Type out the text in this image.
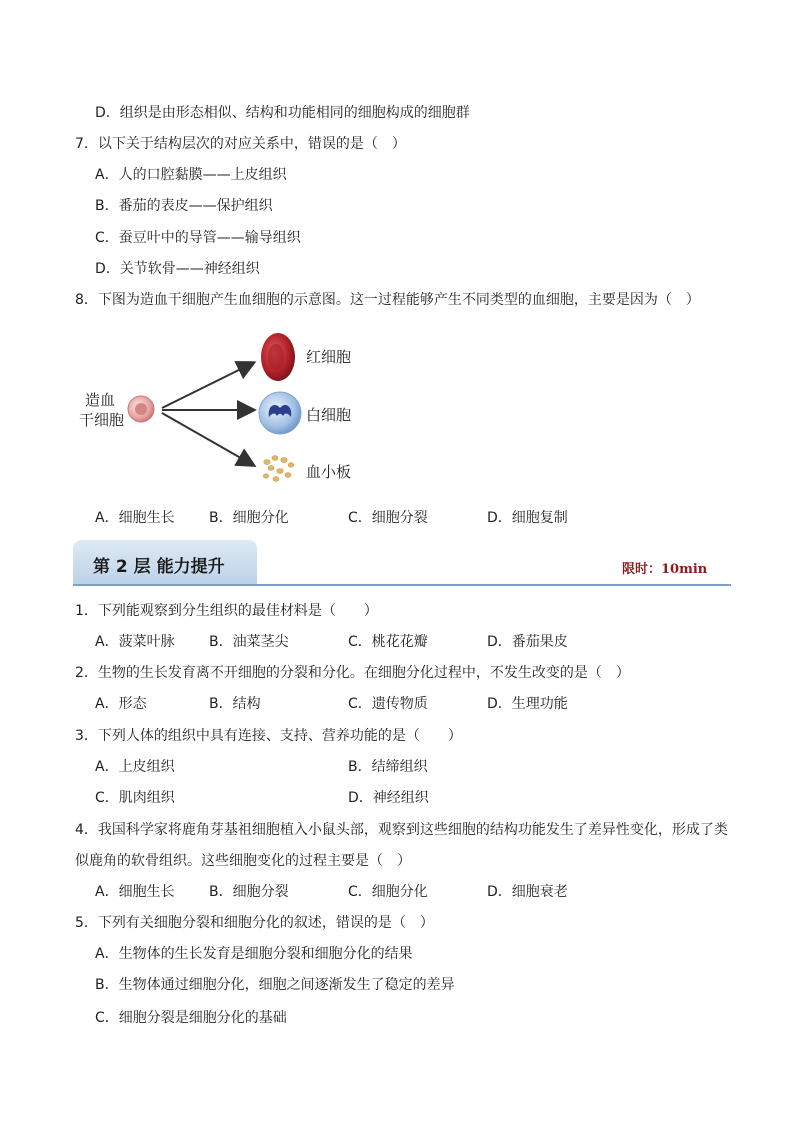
D．组织是由形态相似、结构和功能相同的细胞构成的细胞群
7．以下关于结构层次的对应关系中，错误的是（　）
A．人的口腔黏膜——上皮组织
B．番茄的表皮——保护组织
C．蚕豆叶中的导管——输导组织
D．关节软骨——神经组织
8．下图为造血干细胞产生血细胞的示意图。这一过程能够产生不同类型的血细胞，主要是因为（　）
造血
干细胞
红细胞
白细胞
血小板
A．细胞生长 B．细胞分化	C．细胞分裂	D．细胞复制
第 2 层 能力提升	限时：10min
1．下列能观察到分生组织的最佳材料是（　　）
A．菠菜叶脉 B．油菜茎尖	C．桃花花瓣	D．番茄果皮
2．生物的生长发育离不开细胞的分裂和分化。在细胞分化过程中，不发生改变的是（　）
A．形态	B．结构	C．遗传物质	D．生理功能
3．下列人体的组织中具有连接、支持、营养功能的是（　　）
A．上皮组织	B．结缔组织
C．肌肉组织	D．神经组织
4．我国科学家将鹿角芽基祖细胞植入小鼠头部，观察到这些细胞的结构功能发生了差异性变化，形成了类
似鹿角的软骨组织。这些细胞变化的过程主要是（　）
A．细胞生长 B．细胞分裂	C．细胞分化	D．细胞衰老
5．下列有关细胞分裂和细胞分化的叙述，错误的是（　）
A．生物体的生长发育是细胞分裂和细胞分化的结果
B．生物体通过细胞分化，细胞之间逐渐发生了稳定的差异
C．细胞分裂是细胞分化的基础
